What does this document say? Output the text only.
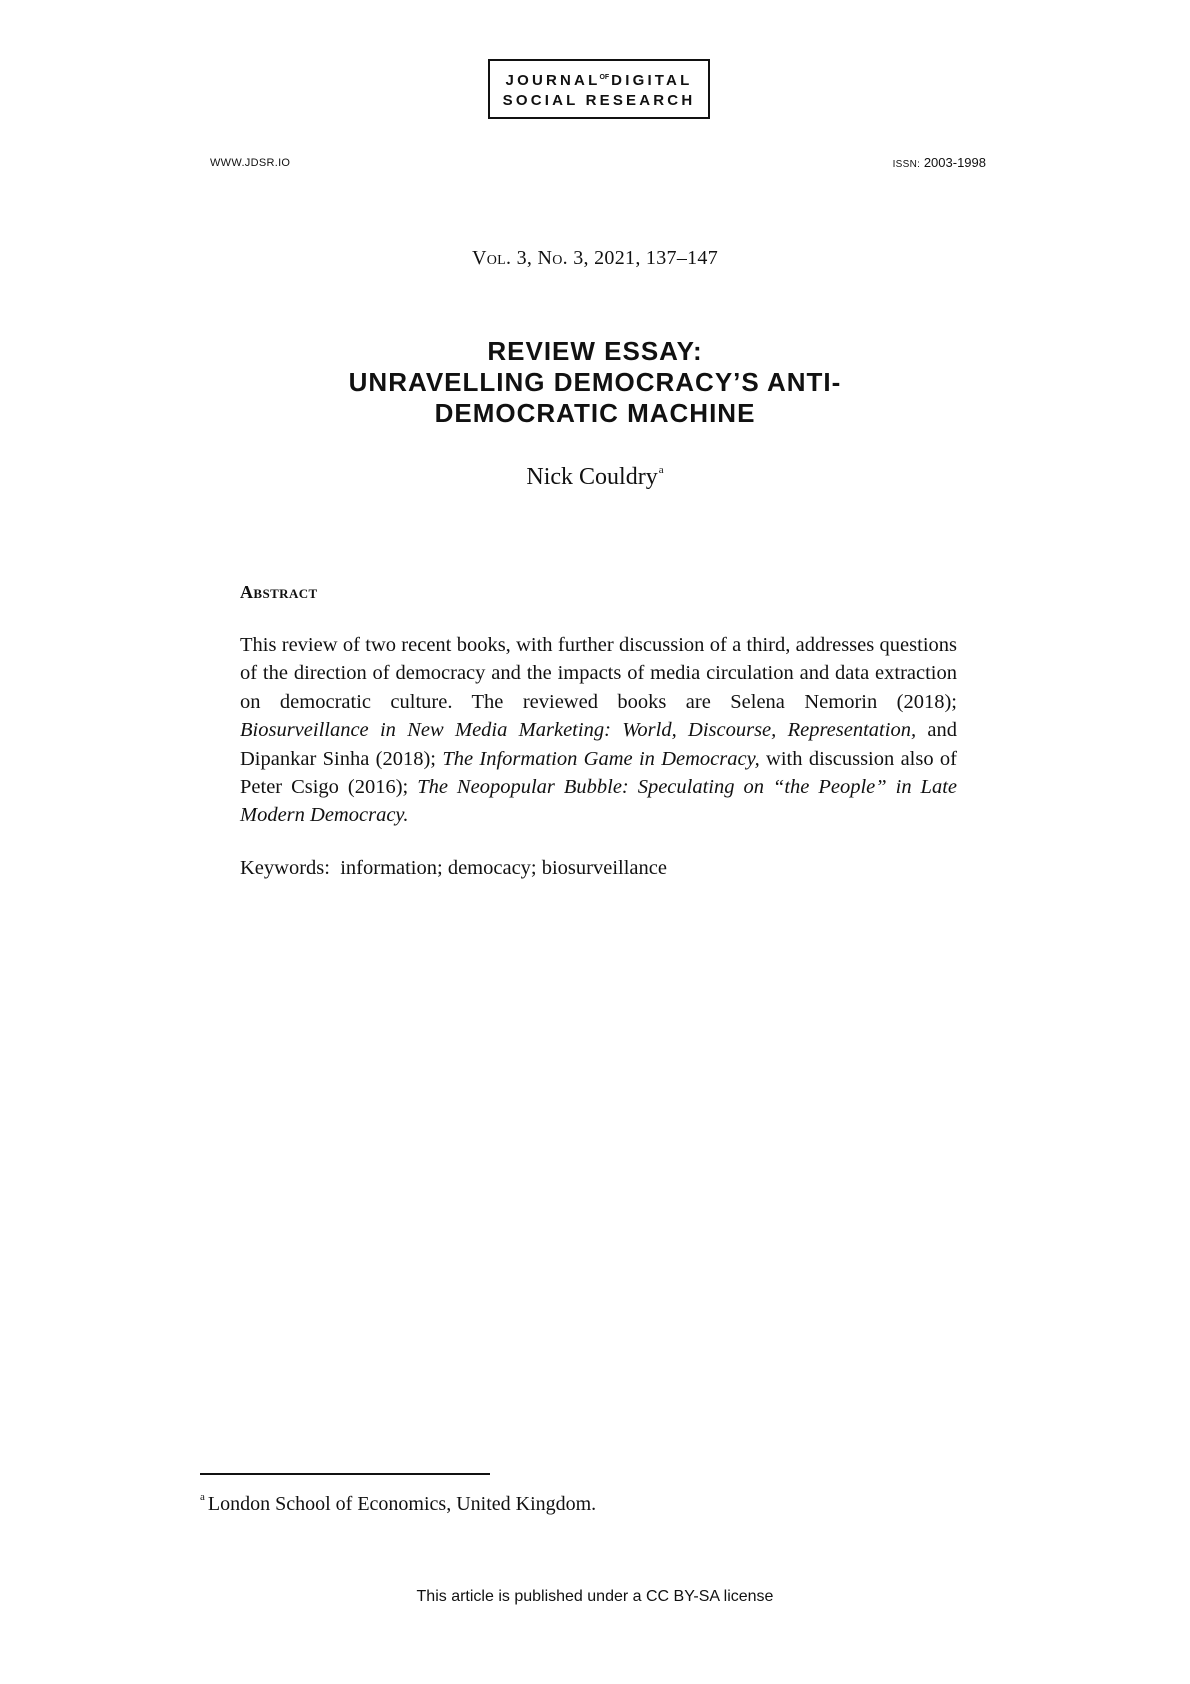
$JOURNAL^{OF}$ DIGITAL
SOCIAL RESEARCH
WWW.JDSR.IO	ISSN: 2003-1998
Vol. 3, No. 3, 2021, 137–147
REVIEW ESSAY:
UNRAVELLING DEMOCRACY’S ANTI-
DEMOCRATIC MACHINE
Nick Couldry$^a$
Abstract
This review of two recent books, with further discussion of a third, addresses questions of the direction of democracy and the impacts of media circulation and data extraction on democratic culture. The reviewed books are Selena Nemorin (2018); Biosurveillance in New Media Marketing: World, Discourse, Representation, and Dipankar Sinha (2018); The Information Game in Democracy, with discussion also of Peter Csigo (2016); The Neopopular Bubble: Speculating on “the People” in Late Modern Democracy.
Keywords: information; democacy; biosurveillance
$^a$ London School of Economics, United Kingdom.
This article is published under a CC BY-SA license
